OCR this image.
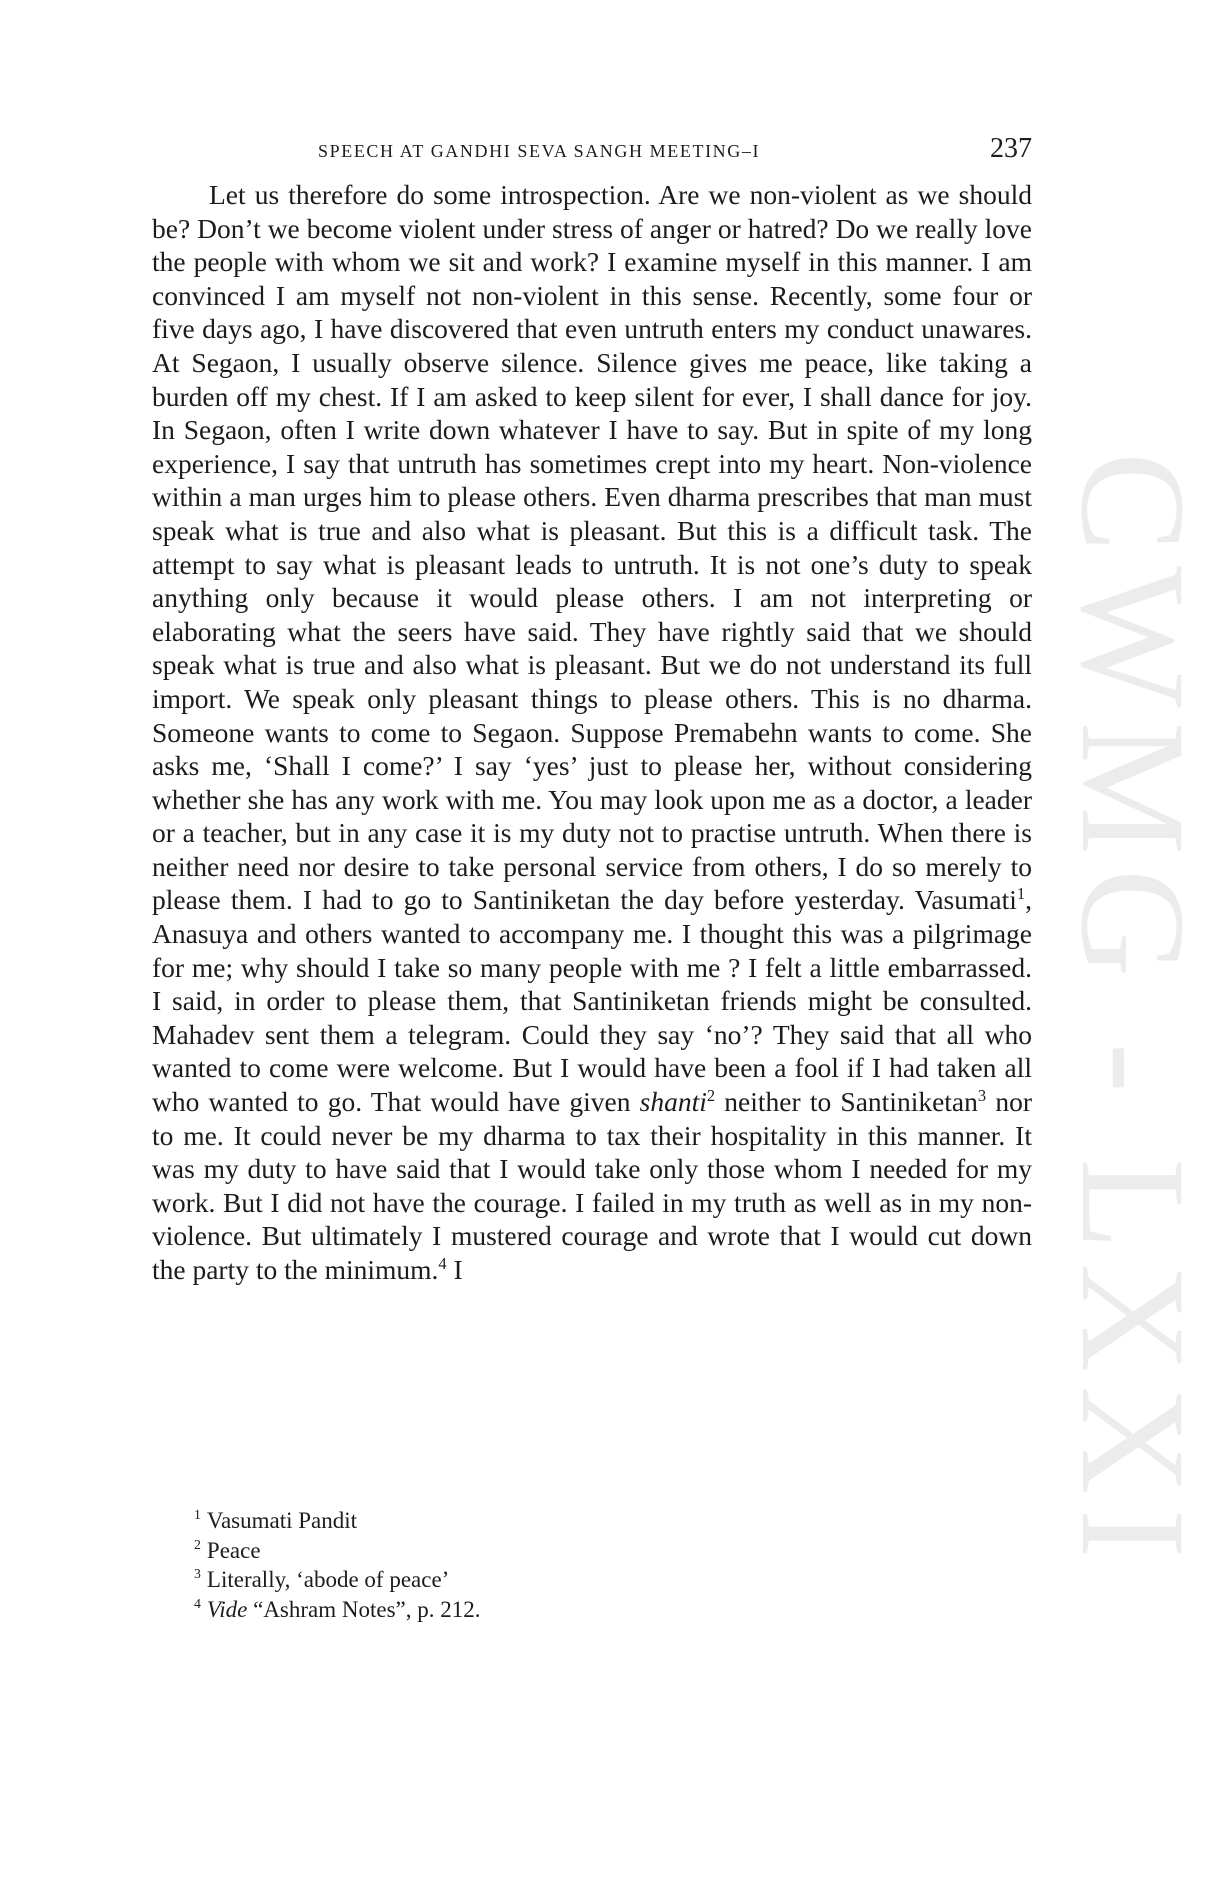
CWMG - LXXI
SPEECH AT GANDHI SEVA SANGH MEETING–I	237

Let us therefore do some introspection. Are we non-violent as we should be? Don’t we become violent under stress of anger or hatred? Do we really love the people with whom we sit and work? I examine myself in this manner. I am convinced I am myself not non-violent in this sense. Recently, some four or five days ago, I have discovered that even untruth enters my conduct unawares. At Segaon, I usually observe silence. Silence gives me peace, like taking a burden off my chest. If I am asked to keep silent for ever, I shall dance for joy. In Segaon, often I write down whatever I have to say. But in spite of my long experience, I say that untruth has sometimes crept into my heart. Non-violence within a man urges him to please others. Even dharma prescribes that man must speak what is true and also what is pleasant. But this is a difficult task. The attempt to say what is pleasant leads to untruth. It is not one’s duty to speak anything only because it would please others. I am not interpreting or elaborating what the seers have said. They have rightly said that we should speak what is true and also what is pleasant. But we do not understand its full import. We speak only pleasant things to please others. This is no dharma. Someone wants to come to Segaon. Suppose Premabehn wants to come. She asks me, ‘Shall I come?’ I say ‘yes’ just to please her, without considering whether she has any work with me. You may look upon me as a doctor, a leader or a teacher, but in any case it is my duty not to practise untruth. When there is neither need nor desire to take personal service from others, I do so merely to please them. I had to go to Santiniketan the day before yesterday. Vasumati$^1$, Anasuya and others wanted to accompany me. I thought this was a pilgrimage for me; why should I take so many people with me ? I felt a little embarrassed. I said, in order to please them, that Santiniketan friends might be consulted. Mahadev sent them a telegram. Could they say ‘no’? They said that all who wanted to come were welcome. But I would have been a fool if I had taken all who wanted to go. That would have given shanti$^2$ neither to Santiniketan$^3$ nor to me. It could never be my dharma to tax their hospitality in this manner. It was my duty to have said that I would take only those whom I needed for my work. But I did not have the courage. I failed in my truth as well as in my non-violence. But ultimately I mustered courage and wrote that I would cut down the party to the minimum.$^4$ I

$^1$ Vasumati Pandit
$^2$ Peace
$^3$ Literally, ‘abode of peace’
$^4$ Vide “Ashram Notes”, p. 212.
